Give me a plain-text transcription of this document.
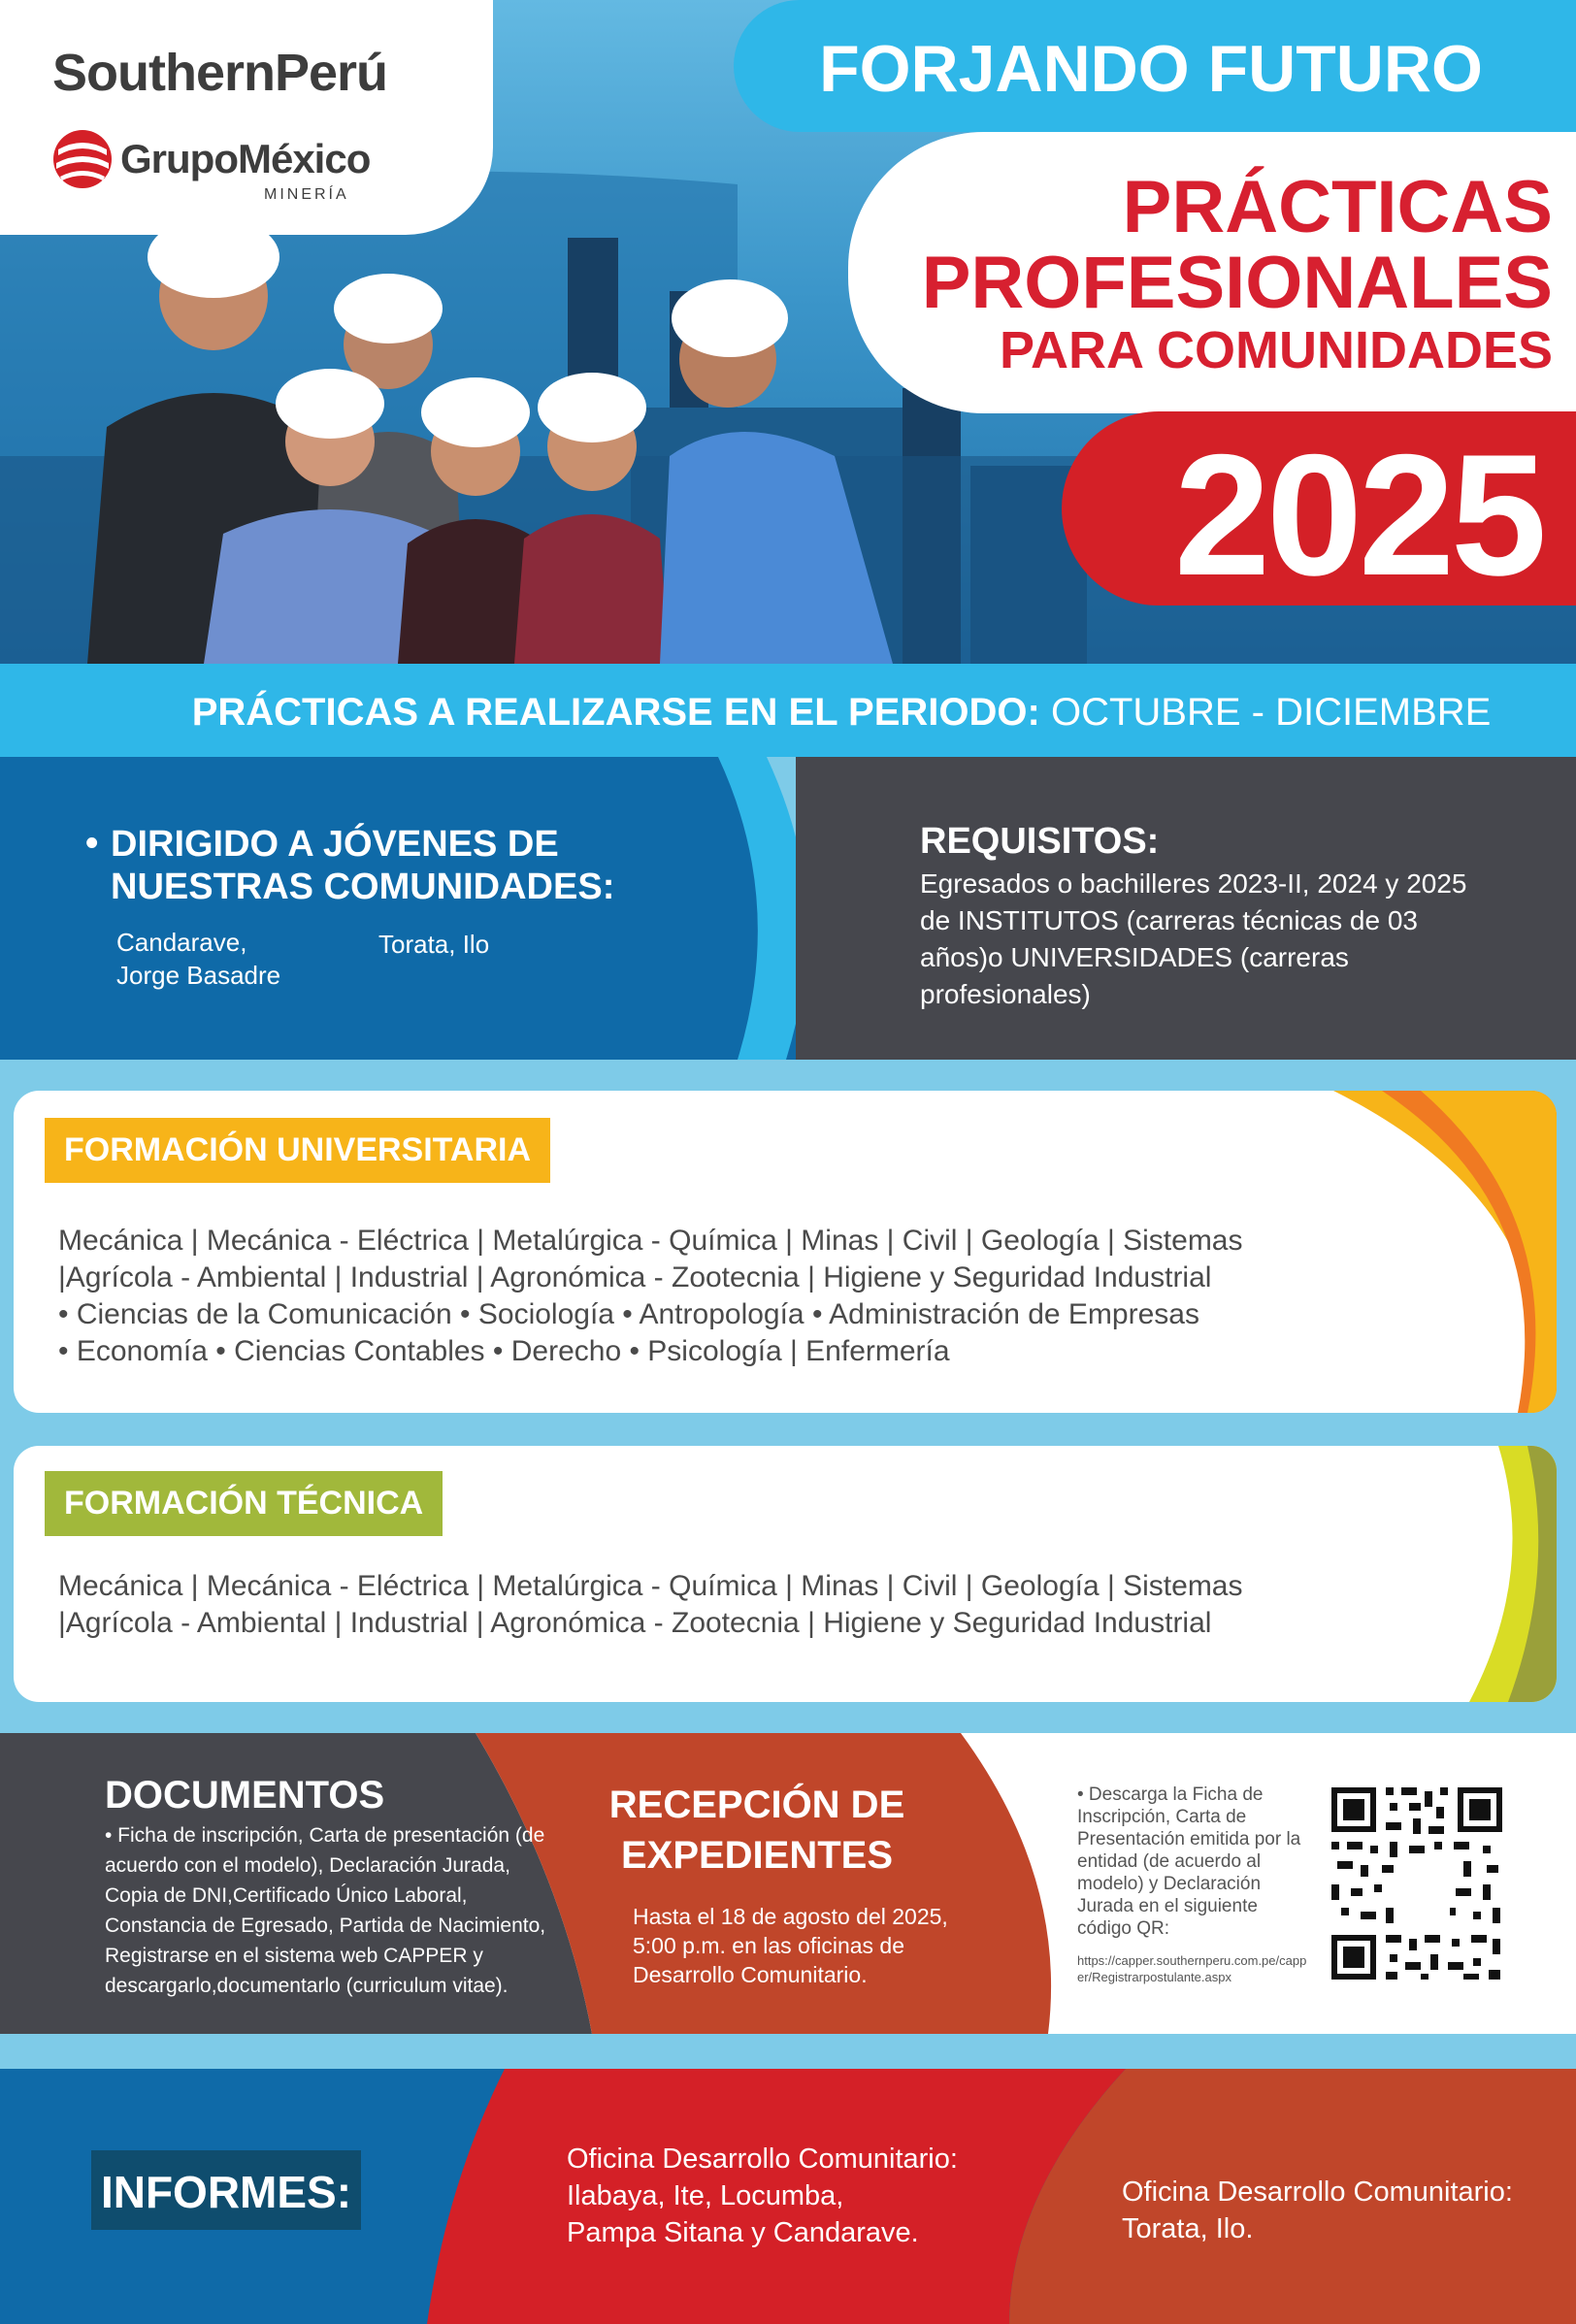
SouthernPerú
GrupoMéxico
MINERÍA
FORJANDO FUTURO
PRÁCTICAS
PROFESIONALES
PARA COMUNIDADES
2025
PRÁCTICAS A REALIZARSE EN EL PERIODO: OCTUBRE - DICIEMBRE
• DIRIGIDO A JÓVENES DE NUESTRAS COMUNIDADES:
Candarave,
Jorge Basadre
Torata, Ilo
REQUISITOS:
Egresados o bachilleres 2023-II, 2024 y 2025 de INSTITUTOS (carreras técnicas de 03 años)o UNIVERSIDADES (carreras profesionales)
FORMACIÓN UNIVERSITARIA
Mecánica | Mecánica - Eléctrica | Metalúrgica - Química | Minas | Civil | Geología | Sistemas
|Agrícola - Ambiental | Industrial | Agronómica - Zootecnia | Higiene y Seguridad Industrial
• Ciencias de la Comunicación • Sociología • Antropología • Administración de Empresas
• Economía • Ciencias Contables • Derecho • Psicología | Enfermería
FORMACIÓN TÉCNICA
Mecánica | Mecánica - Eléctrica | Metalúrgica - Química | Minas | Civil | Geología | Sistemas
|Agrícola - Ambiental | Industrial | Agronómica - Zootecnia | Higiene y Seguridad Industrial
DOCUMENTOS
• Ficha de inscripción, Carta de presentación (de acuerdo con el modelo), Declaración Jurada, Copia de DNI,Certificado Único Laboral, Constancia de Egresado, Partida de Nacimiento, Registrarse en el sistema web CAPPER y descargarlo,documentarlo (curriculum vitae).
RECEPCIÓN DE
EXPEDIENTES
Hasta el 18 de agosto del 2025, 5:00 p.m. en las oficinas de Desarrollo Comunitario.
• Descarga la Ficha de Inscripción, Carta de Presentación emitida por la entidad (de acuerdo al modelo) y Declaración Jurada en el siguiente código QR:
https://capper.southernperu.com.pe/capper/Registrarpostulante.aspx
INFORMES:
Oficina Desarrollo Comunitario:
Ilabaya, Ite, Locumba,
Pampa Sitana y Candarave.
Oficina Desarrollo Comunitario:
Torata, Ilo.
